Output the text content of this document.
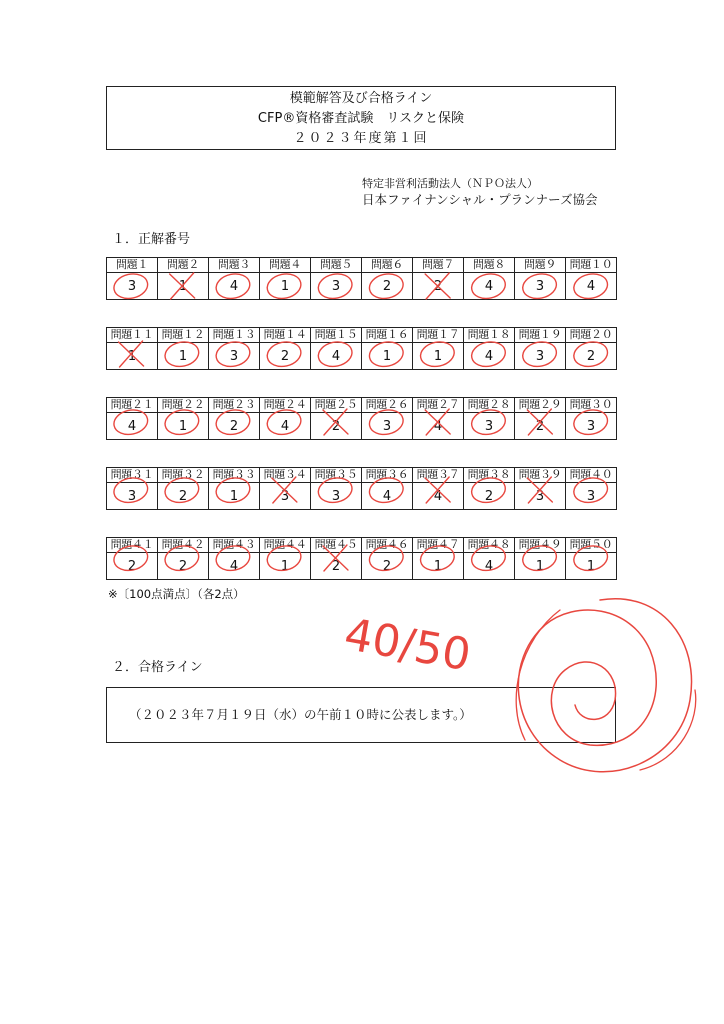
模範解答及び合格ライン
CFP®資格審査試験　リスクと保険
２０２３年度第１回
特定非営利活動法人（ＮＰＯ法人）
日本ファイナンシャル・プランナーズ協会
１．正解番号
問題１	問題２	問題３	問題４	問題５	問題６	問題７	問題８	問題９	問題１０
3	1	4	1	3	2	2	4	3	4
問題１１	問題１２	問題１３	問題１４	問題１５	問題１６	問題１７	問題１８	問題１９	問題２０
1	1	3	2	4	1	1	4	3	2
問題２１	問題２２	問題２３	問題２４	問題２５	問題２６	問題２７	問題２８	問題２９	問題３０
4	1	2	4	2	3	4	3	2	3
問題３１	問題３２	問題３３	問題３４	問題３５	問題３６	問題３７	問題３８	問題３９	問題４０
3	2	1	3	3	4	4	2	3	3
問題４１	問題４２	問題４３	問題４４	問題４５	問題４６	問題４７	問題４８	問題４９	問題５０
2	2	4	1	2	2	1	4	1	1
※〔100点満点〕（各2点）
２．合格ライン
（２０２３年７月１９日（水）の午前１０時に公表します。）
40/50
